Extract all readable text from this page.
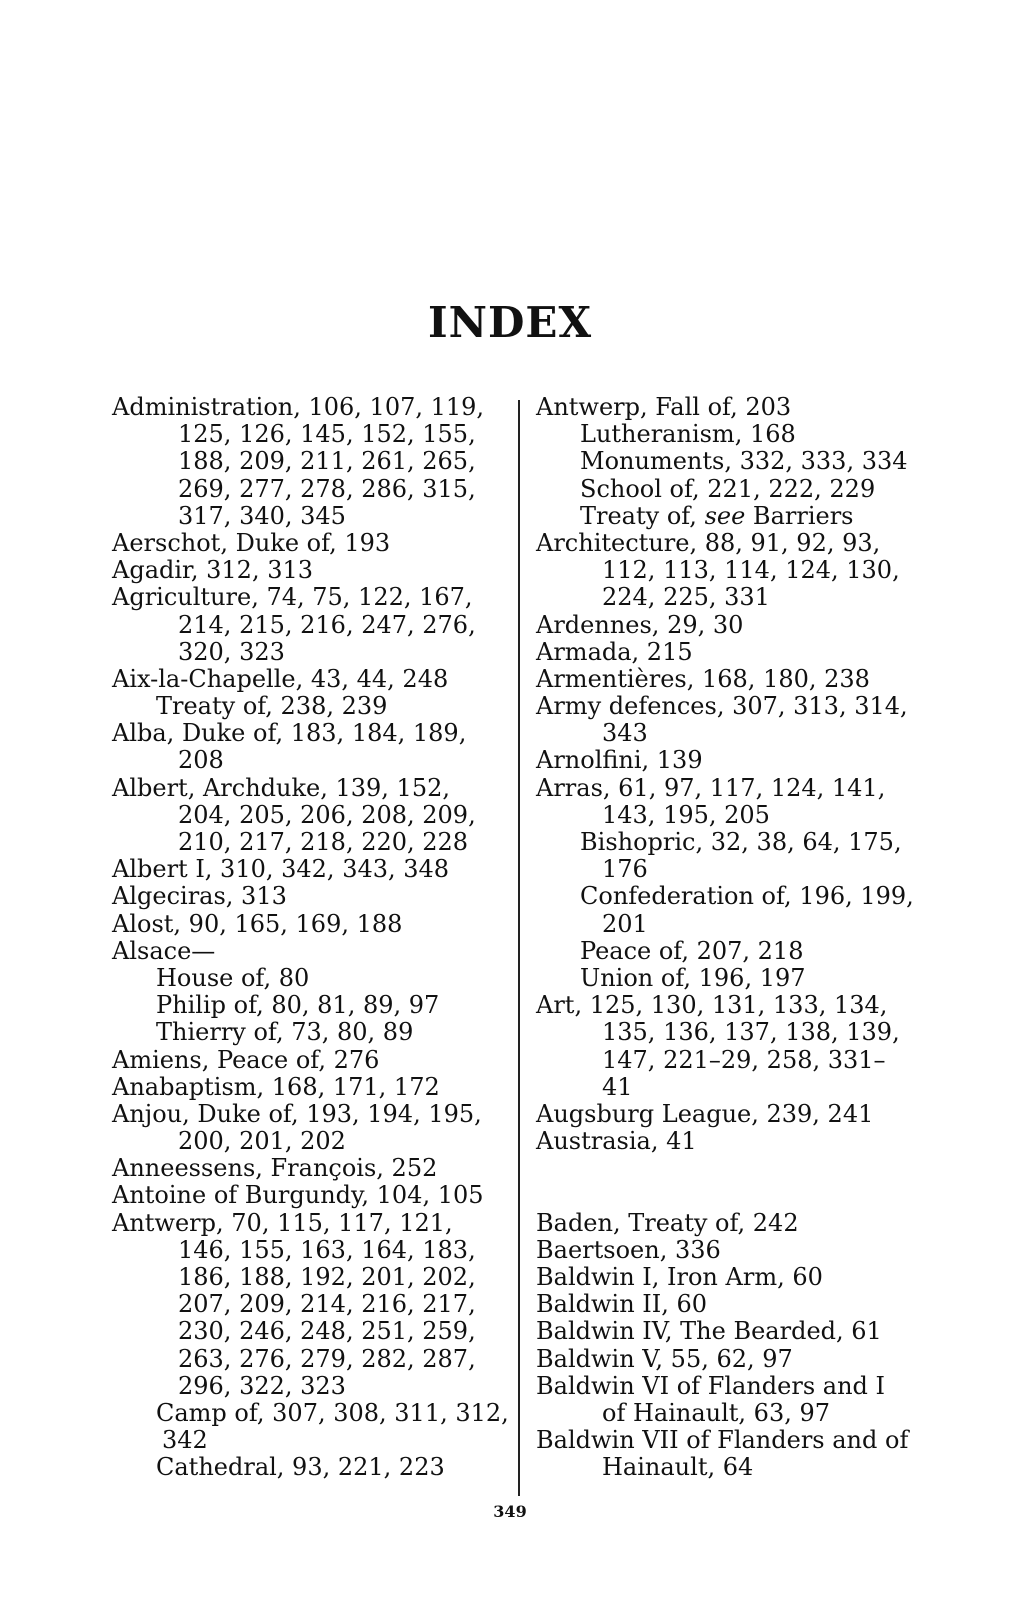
INDEX
Administration, 106, 107, 119,
125, 126, 145, 152, 155,
188, 209, 211, 261, 265,
269, 277, 278, 286, 315,
317, 340, 345
Aerschot, Duke of, 193
Agadir, 312, 313
Agriculture, 74, 75, 122, 167,
214, 215, 216, 247, 276,
320, 323
Aix-la-Chapelle, 43, 44, 248
Treaty of, 238, 239
Alba, Duke of, 183, 184, 189,
208
Albert, Archduke, 139, 152,
204, 205, 206, 208, 209,
210, 217, 218, 220, 228
Albert I, 310, 342, 343, 348
Algeciras, 313
Alost, 90, 165, 169, 188
Alsace—
House of, 80
Philip of, 80, 81, 89, 97
Thierry of, 73, 80, 89
Amiens, Peace of, 276
Anabaptism, 168, 171, 172
Anjou, Duke of, 193, 194, 195,
200, 201, 202
Anneessens, François, 252
Antoine of Burgundy, 104, 105
Antwerp, 70, 115, 117, 121,
146, 155, 163, 164, 183,
186, 188, 192, 201, 202,
207, 209, 214, 216, 217,
230, 246, 248, 251, 259,
263, 276, 279, 282, 287,
296, 322, 323
Camp of, 307, 308, 311, 312,
342
Cathedral, 93, 221, 223
Antwerp, Fall of, 203
Lutheranism, 168
Monuments, 332, 333, 334
School of, 221, 222, 229
Treaty of, see Barriers
Architecture, 88, 91, 92, 93,
112, 113, 114, 124, 130,
224, 225, 331
Ardennes, 29, 30
Armada, 215
Armentières, 168, 180, 238
Army defences, 307, 313, 314,
343
Arnolfini, 139
Arras, 61, 97, 117, 124, 141,
143, 195, 205
Bishopric, 32, 38, 64, 175,
176
Confederation of, 196, 199,
201
Peace of, 207, 218
Union of, 196, 197
Art, 125, 130, 131, 133, 134,
135, 136, 137, 138, 139,
147, 221–29, 258, 331–
41
Augsburg League, 239, 241
Austrasia, 41
Baden, Treaty of, 242
Baertsoen, 336
Baldwin I, Iron Arm, 60
Baldwin II, 60
Baldwin IV, The Bearded, 61
Baldwin V, 55, 62, 97
Baldwin VI of Flanders and I
of Hainault, 63, 97
Baldwin VII of Flanders and of
Hainault, 64
349
